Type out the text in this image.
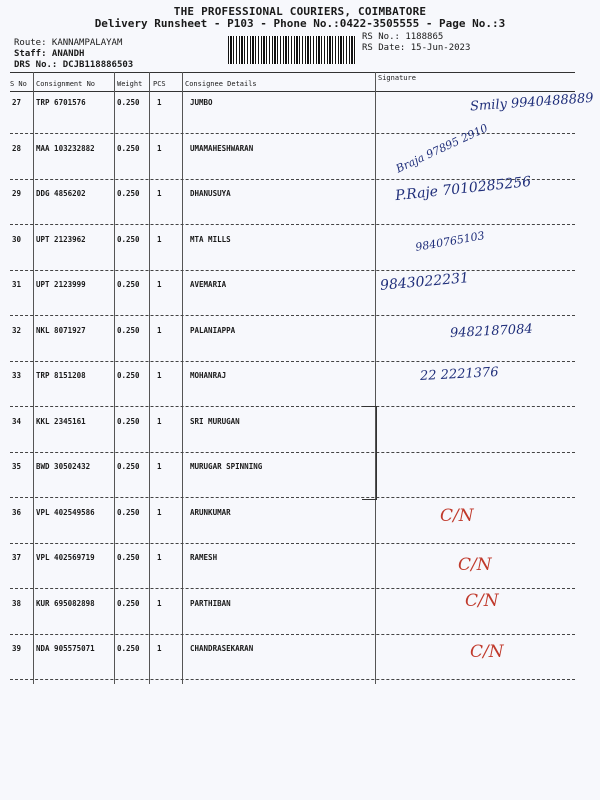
THE PROFESSIONAL COURIERS, COIMBATORE
Delivery Runsheet - P103 - Phone No.:0422-3505555 - Page No.:3
Route: KANNAMPALAYAM
Staff: ANANDH
DRS No.: DCJB118886503
RS No.: 1188865
RS Date: 15-Jun-2023
S No Consignment No	Weight PCS	Consignee Details
Signature
27 TRP 6701576	0.250 1	JUMBO	Smily 9940488889
28 MAA 103232882	0.250 1	UMAMAHESHWARAN	Braja 97895 2910
29 DDG 4856202	0.250 1	DHANUSUYA	P.Raje 7010285256
30 UPT 2123962	0.250 1	MTA MILLS	9840765103
31 UPT 2123999	0.250 1	AVEMARIA	9843022231
32 NKL 8071927	0.250 1	PALANIAPPA	9482187084
33 TRP 8151208	0.250 1	MOHANRAJ	22 2221376
34 KKL 2345161	0.250 1	SRI MURUGAN
35 BWD 30502432	0.250 1	MURUGAR SPINNING
36 VPL 402549586	0.250 1	ARUNKUMAR	C/N
37 VPL 402569719	0.250 1	RAMESH	C/N
38 KUR 695082898	0.250 1	PARTHIBAN	C/N
39 NDA 905575071	0.250 1	CHANDRASEKARAN	C/N
